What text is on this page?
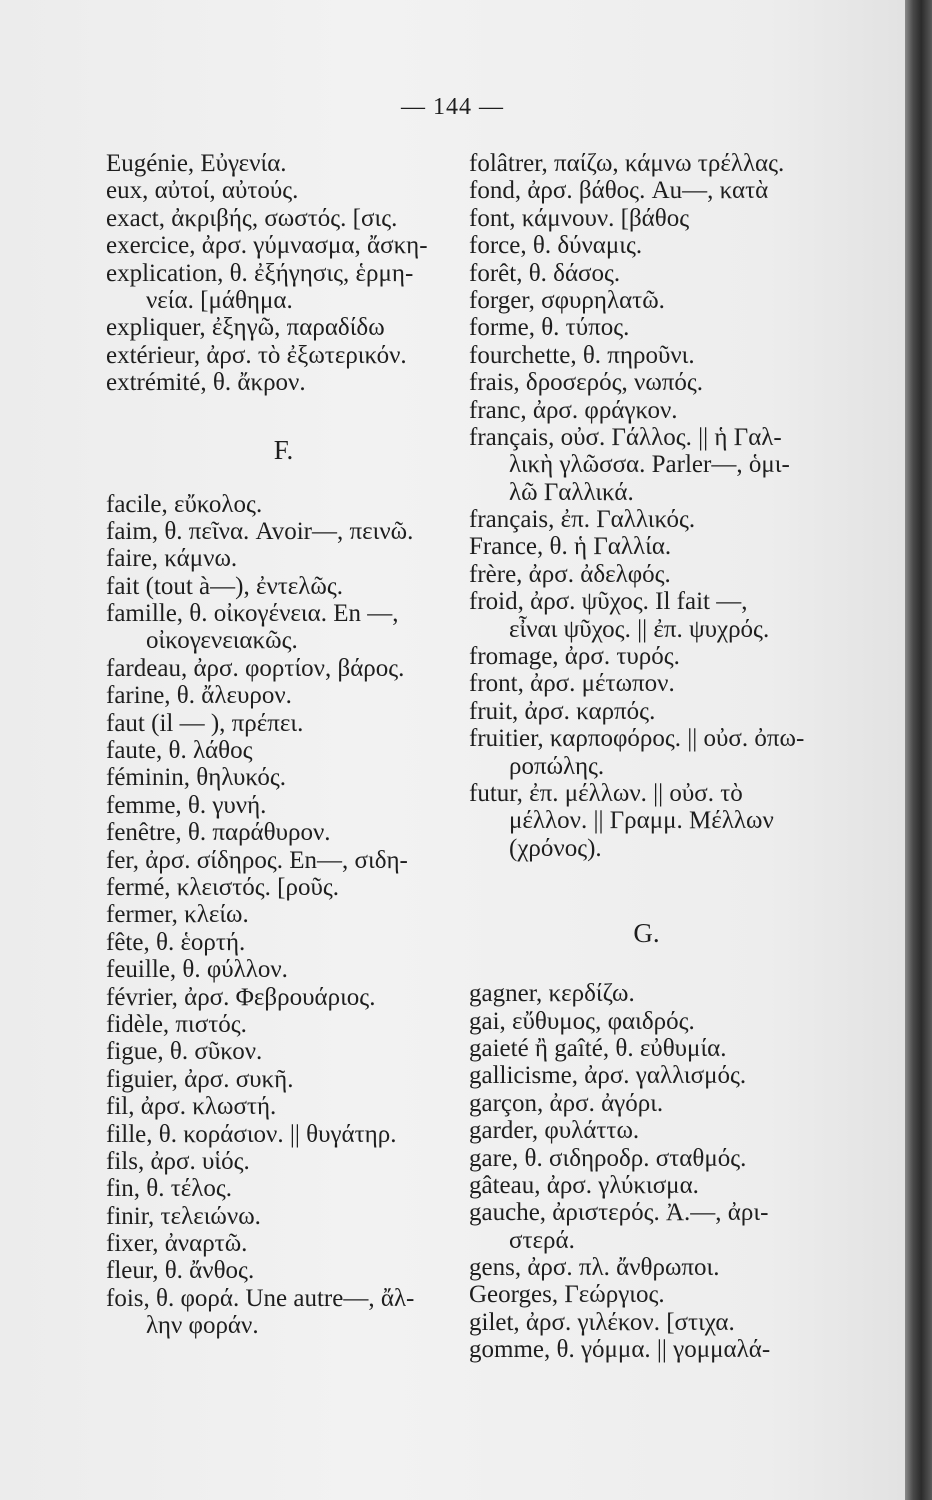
— 144 —
Eugénie, Εὐγενία.
eux, αὐτοί, αὐτούς.
exact, ἀκριβής, σωστός. [σις.
exercice, ἀρσ. γύμνασμα, ἄσκη-
explication, θ. ἐξήγησις, ἑρμη-
νεία. [μάθημα.
expliquer, ἐξηγῶ, παραδίδω
extérieur, ἀρσ. τὸ ἐξωτερικόν.
extrémité, θ. ἄκρον.
F.
facile, εὔκολος.
faim, θ. πεῖνα. Avoir—, πεινῶ.
faire, κάμνω.
fait (tout à—), ἐντελῶς.
famille, θ. οἰκογένεια. En —,
οἰκογενειακῶς.
fardeau, ἀρσ. φορτίον, βάρος.
farine, θ. ἄλευρον.
faut (il — ), πρέπει.
faute, θ. λάθος
féminin, θηλυκός.
femme, θ. γυνή.
fenêtre, θ. παράθυρον.
fer, ἀρσ. σίδηρος. En—, σιδη-
fermé, κλειστός. [ροῦς.
fermer, κλείω.
fête, θ. ἑορτή.
feuille, θ. φύλλον.
février, ἀρσ. Φεβρουάριος.
fidèle, πιστός.
figue, θ. σῦκον.
figuier, ἀρσ. συκῆ.
fil, ἀρσ. κλωστή.
fille, θ. κοράσιον. || θυγάτηρ.
fils, ἀρσ. υἱός.
fin, θ. τέλος.
finir, τελειώνω.
fixer, ἀναρτῶ.
fleur, θ. ἄνθος.
fois, θ. φορά. Une autre—, ἄλ-
λην φοράν.
folâtrer, παίζω, κάμνω τρέλλας.
fond, ἀρσ. βάθος. Au—, κατὰ
font, κάμνουν. [βάθος
force, θ. δύναμις.
forêt, θ. δάσος.
forger, σφυρηλατῶ.
forme, θ. τύπος.
fourchette, θ. πηροῦνι.
frais, δροσερός, νωπός.
franc, ἀρσ. φράγκον.
français, οὐσ. Γάλλος. || ἡ Γαλ-
λικὴ γλῶσσα. Parler—, ὁμι-
λῶ Γαλλικά.
français, ἐπ. Γαλλικός.
France, θ. ἡ Γαλλία.
frère, ἀρσ. ἀδελφός.
froid, ἀρσ. ψῦχος. Il fait —,
εἶναι ψῦχος. || ἐπ. ψυχρός.
fromage, ἀρσ. τυρός.
front, ἀρσ. μέτωπον.
fruit, ἀρσ. καρπός.
fruitier, καρποφόρος. || οὐσ. ὀπω-
ροπώλης.
futur, ἐπ. μέλλων. || οὐσ. τὸ
μέλλον. || Γραμμ. Μέλλων
(χρόνος).
G.
gagner, κερδίζω.
gai, εὔθυμος, φαιδρός.
gaieté ἢ gaîté, θ. εὐθυμία.
gallicisme, ἀρσ. γαλλισμός.
garçon, ἀρσ. ἀγόρι.
garder, φυλάττω.
gare, θ. σιδηροδρ. σταθμός.
gâteau, ἀρσ. γλύκισμα.
gauche, ἀριστερός. Ἀ.—, ἀρι-
στερά.
gens, ἀρσ. πλ. ἄνθρωποι.
Georges, Γεώργιος.
gilet, ἀρσ. γιλέκον. [στιχα.
gomme, θ. γόμμα. || γομμαλά-
